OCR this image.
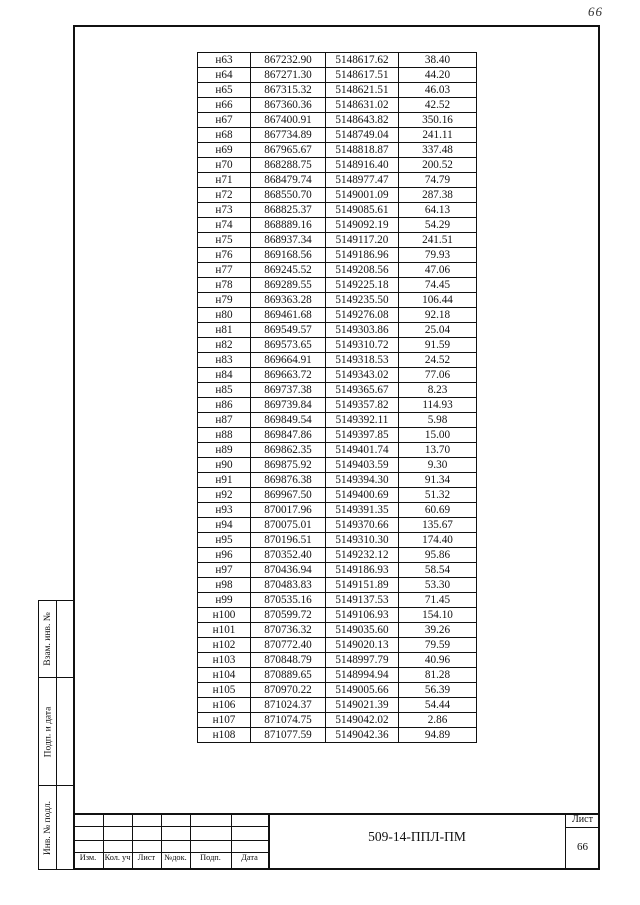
66
Взам. инв. №
Подп. и дата
Инв. № подл.
н63	867232.90	5148617.62	38.40
н64	867271.30	5148617.51	44.20
н65	867315.32	5148621.51	46.03
н66	867360.36	5148631.02	42.52
н67	867400.91	5148643.82	350.16
н68	867734.89	5148749.04	241.11
н69	867965.67	5148818.87	337.48
н70	868288.75	5148916.40	200.52
н71	868479.74	5148977.47	74.79
н72	868550.70	5149001.09	287.38
н73	868825.37	5149085.61	64.13
н74	868889.16	5149092.19	54.29
н75	868937.34	5149117.20	241.51
н76	869168.56	5149186.96	79.93
н77	869245.52	5149208.56	47.06
н78	869289.55	5149225.18	74.45
н79	869363.28	5149235.50	106.44
н80	869461.68	5149276.08	92.18
н81	869549.57	5149303.86	25.04
н82	869573.65	5149310.72	91.59
н83	869664.91	5149318.53	24.52
н84	869663.72	5149343.02	77.06
н85	869737.38	5149365.67	8.23
н86	869739.84	5149357.82	114.93
н87	869849.54	5149392.11	5.98
н88	869847.86	5149397.85	15.00
н89	869862.35	5149401.74	13.70
н90	869875.92	5149403.59	9.30
н91	869876.38	5149394.30	91.34
н92	869967.50	5149400.69	51.32
н93	870017.96	5149391.35	60.69
н94	870075.01	5149370.66	135.67
н95	870196.51	5149310.30	174.40
н96	870352.40	5149232.12	95.86
н97	870436.94	5149186.93	58.54
н98	870483.83	5149151.89	53.30
н99	870535.16	5149137.53	71.45
н100	870599.72	5149106.93	154.10
н101	870736.32	5149035.60	39.26
н102	870772.40	5149020.13	79.59
н103	870848.79	5148997.79	40.96
н104	870889.65	5148994.94	81.28
н105	870970.22	5149005.66	56.39
н106	871024.37	5149021.39	54.44
н107	871074.75	5149042.02	2.86
н108	871077.59	5149042.36	94.89
Изм.	Кол. уч Лист	№док.	Подп.	Дата
509-14-ППЛ-ПМ
Лист
66
